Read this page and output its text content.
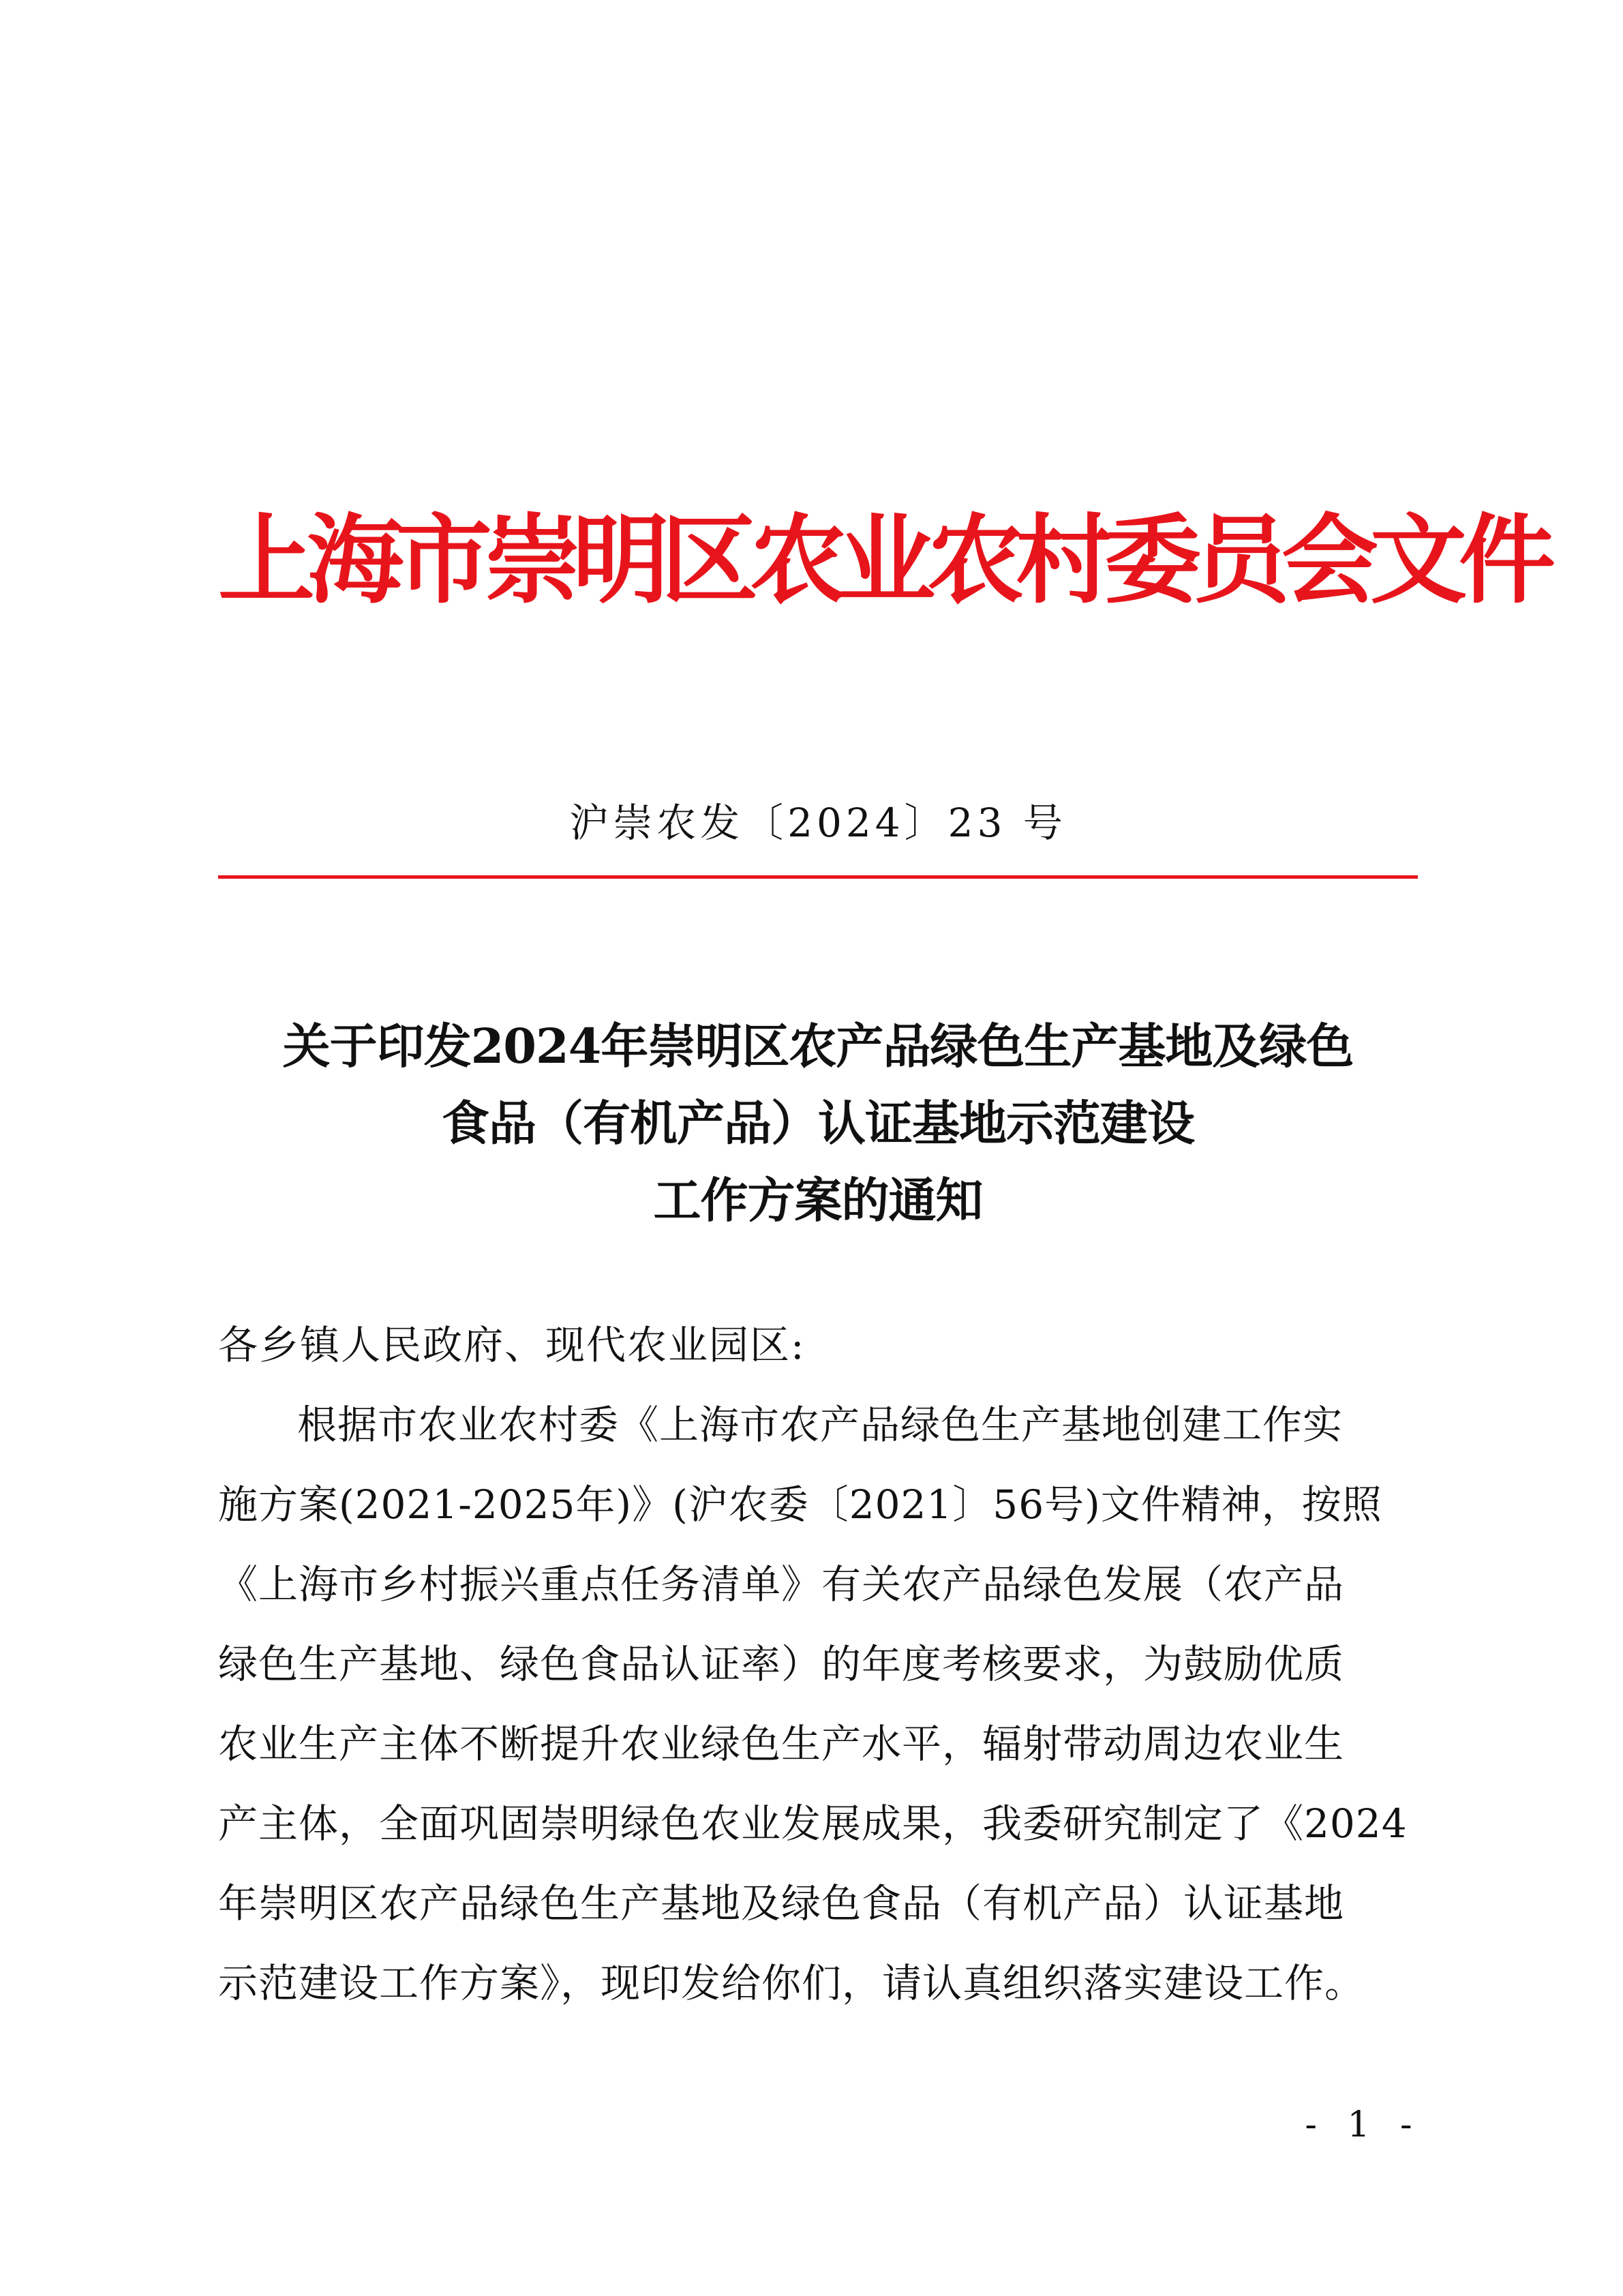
上海市崇明区农业农村委员会文件
沪崇农发〔2024〕23 号
关于印发2024年崇明区农产品绿色生产基地及绿色
食品（有机产品）认证基地示范建设
工作方案的通知

各乡镇人民政府、现代农业园区:

根据市农业农村委《上海市农产品绿色生产基地创建工作实
施方案(2021-2025年)》(沪农委〔2021〕56号)文件精神，按照
《上海市乡村振兴重点任务清单》有关农产品绿色发展（农产品
绿色生产基地、绿色食品认证率）的年度考核要求，为鼓励优质
农业生产主体不断提升农业绿色生产水平，辐射带动周边农业生
产主体，全面巩固崇明绿色农业发展成果，我委研究制定了《2024
年崇明区农产品绿色生产基地及绿色食品（有机产品）认证基地
示范建设工作方案》，现印发给你们，请认真组织落实建设工作。
- 1 -
